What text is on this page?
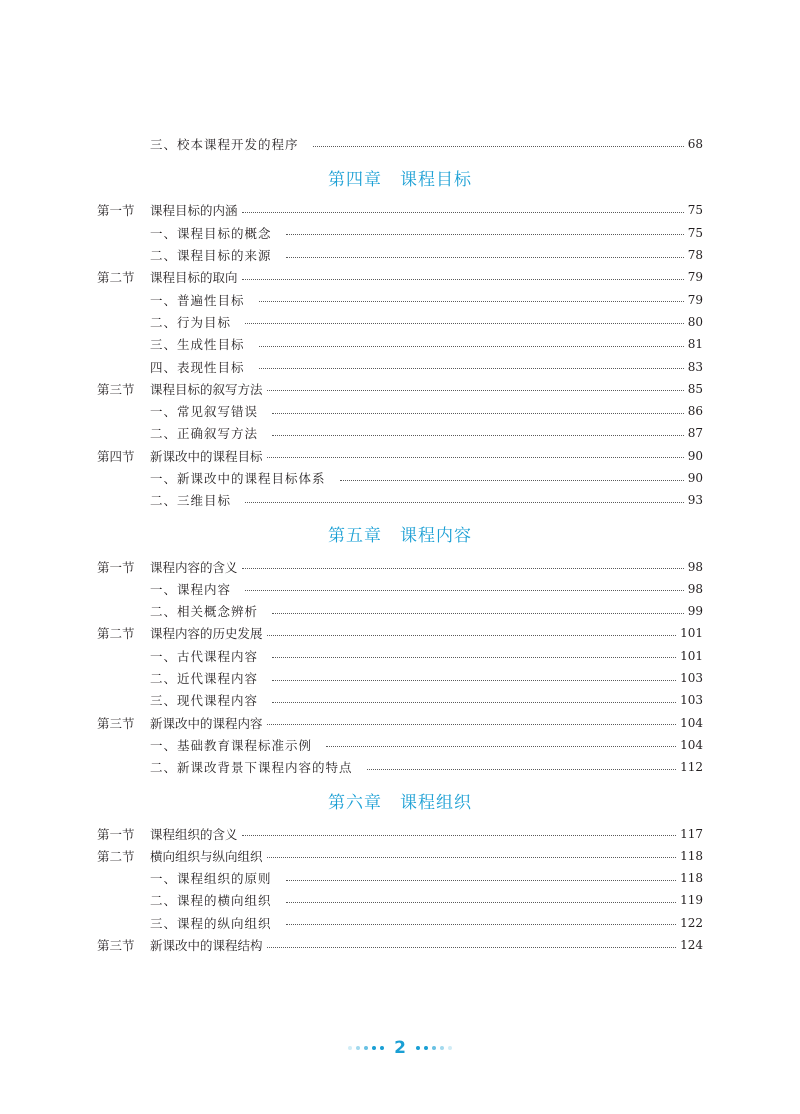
三、校本课程开发的程序	68
第四章 课程目标
第一节	课程目标的内涵	75
一、课程目标的概念	75
二、课程目标的来源	78
第二节	课程目标的取向	79
一、普遍性目标	79
二、行为目标	80
三、生成性目标	81
四、表现性目标	83
第三节	课程目标的叙写方法	85
一、常见叙写错误	86
二、正确叙写方法	87
第四节	新课改中的课程目标	90
一、新课改中的课程目标体系	90
二、三维目标	93
第五章 课程内容
第一节	课程内容的含义	98
一、课程内容	98
二、相关概念辨析	99
第二节	课程内容的历史发展	101
一、古代课程内容	101
二、近代课程内容	103
三、现代课程内容	103
第三节	新课改中的课程内容	104
一、基础教育课程标准示例	104
二、新课改背景下课程内容的特点	112
第六章 课程组织
第一节	课程组织的含义	117
第二节	横向组织与纵向组织	118
一、课程组织的原则	118
二、课程的横向组织	119
三、课程的纵向组织	122
第三节	新课改中的课程结构	124
2
